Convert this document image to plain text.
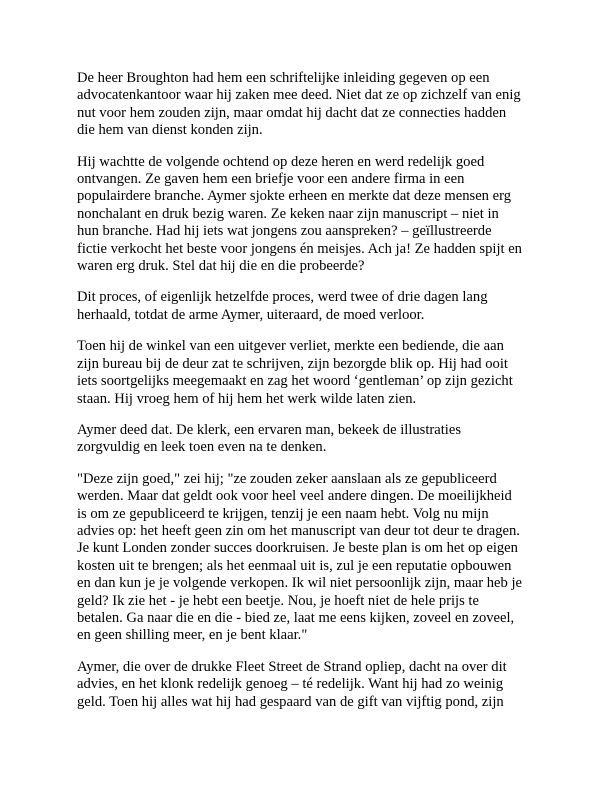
De heer Broughton had hem een schriftelijke inleiding gegeven op een
advocatenkantoor waar hij zaken mee deed. Niet dat ze op zichzelf van enig
nut voor hem zouden zijn, maar omdat hij dacht dat ze connecties hadden
die hem van dienst konden zijn.

Hij wachtte de volgende ochtend op deze heren en werd redelijk goed
ontvangen. Ze gaven hem een briefje voor een andere firma in een
populairdere branche. Aymer sjokte erheen en merkte dat deze mensen erg
nonchalant en druk bezig waren. Ze keken naar zijn manuscript – niet in
hun branche. Had hij iets wat jongens zou aanspreken? – geïllustreerde
fictie verkocht het beste voor jongens én meisjes. Ach ja! Ze hadden spijt en
waren erg druk. Stel dat hij die en die probeerde?

Dit proces, of eigenlijk hetzelfde proces, werd twee of drie dagen lang
herhaald, totdat de arme Aymer, uiteraard, de moed verloor.

Toen hij de winkel van een uitgever verliet, merkte een bediende, die aan
zijn bureau bij de deur zat te schrijven, zijn bezorgde blik op. Hij had ooit
iets soortgelijks meegemaakt en zag het woord ‘gentleman’ op zijn gezicht
staan. Hij vroeg hem of hij hem het werk wilde laten zien.

Aymer deed dat. De klerk, een ervaren man, bekeek de illustraties
zorgvuldig en leek toen even na te denken.

"Deze zijn goed," zei hij; "ze zouden zeker aanslaan als ze gepubliceerd
werden. Maar dat geldt ook voor heel veel andere dingen. De moeilijkheid
is om ze gepubliceerd te krijgen, tenzij je een naam hebt. Volg nu mijn
advies op: het heeft geen zin om het manuscript van deur tot deur te dragen.
Je kunt Londen zonder succes doorkruisen. Je beste plan is om het op eigen
kosten uit te brengen; als het eenmaal uit is, zul je een reputatie opbouwen
en dan kun je je volgende verkopen. Ik wil niet persoonlijk zijn, maar heb je
geld? Ik zie het - je hebt een beetje. Nou, je hoeft niet de hele prijs te
betalen. Ga naar die en die - bied ze, laat me eens kijken, zoveel en zoveel,
en geen shilling meer, en je bent klaar."

Aymer, die over de drukke Fleet Street de Strand opliep, dacht na over dit
advies, en het klonk redelijk genoeg – té redelijk. Want hij had zo weinig
geld. Toen hij alles wat hij had gespaard van de gift van vijftig pond, zijn
